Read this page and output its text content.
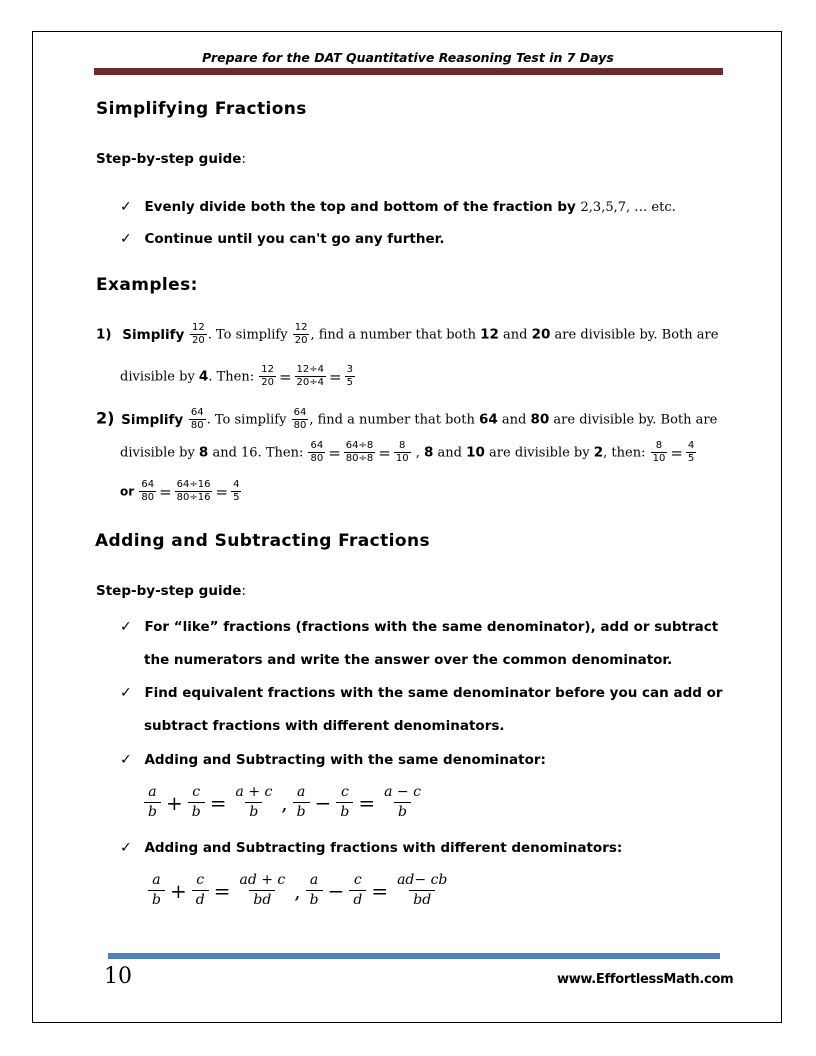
Prepare for the DAT Quantitative Reasoning Test in 7 Days
Simplifying Fractions
Step-by-step guide:
✓ Evenly divide both the top and bottom of the fraction by 2,3,5,7, … etc.
✓ Continue until you can't go any further.
Examples:
1) Simplify $\frac{12}{20}$ . To simplify $\frac{12}{20}$ , find a number that both 12 and 20 are divisible by. Both are
divisible by 4. Then: $\frac{12}{20} = \frac{12\div 4}{20\div 4} = \frac{3}{5}$
2) Simplify $\frac{64}{80}$ . To simplify $\frac{64}{80}$ , find a number that both 64 and 80 are divisible by. Both are
divisible by 8 and 16. Then: $\frac{64}{80} = \frac{64\div 8}{80\div 8} = \frac{8}{10}$ , 8 and 10 are divisible by 2, then: $\frac{8}{10} = \frac{4}{5}$
or $\frac{64}{80} = \frac{64\div 16}{80\div 16} = \frac{4}{5}$
Adding and Subtracting Fractions
Step-by-step guide:
✓ For “like” fractions (fractions with the same denominator), add or subtract
the numerators and write the answer over the common denominator.
✓ Find equivalent fractions with the same denominator before you can add or
subtract fractions with different denominators.
✓ Adding and Subtracting with the same denominator:
$\frac{a}{b} + \frac{c}{b} = \frac{a + c}{b}$ , $\frac{a}{b} - \frac{c}{b} = \frac{a - c}{b}$
✓ Adding and Subtracting fractions with different denominators:
$\frac{a}{b} + \frac{c}{d} = \frac{ad + c}{bd}$ , $\frac{a}{b} - \frac{c}{d} = \frac{ad- cb}{bd}$
10	www.EffortlessMath.com
